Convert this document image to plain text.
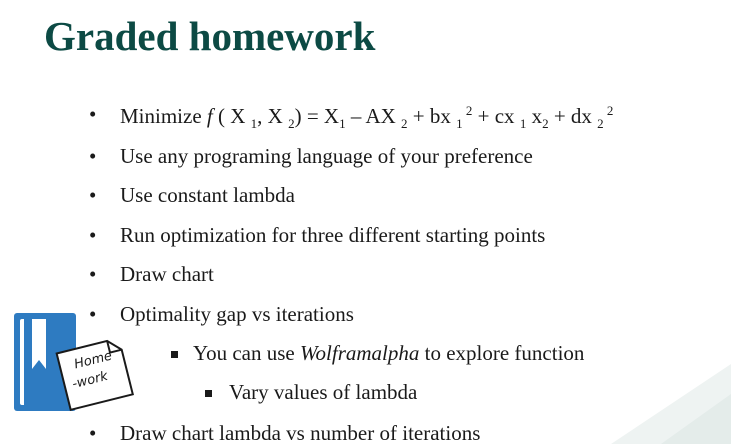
Graded homework
• Minimize f ( X $_1$, X $_2) = X_1$ – AX $_2$ + bx $_1$ $^2$ + cx $_1$ $x_2$ + dx $_2$ $^2$
• Use any programing language of your preference
• Use constant lambda
• Run optimization for three different starting points
• Draw chart
• Optimality gap vs iterations
You can use Wolframalpha to explore function
Vary values of lambda
• Draw chart lambda vs number of iterations
Home
-work
